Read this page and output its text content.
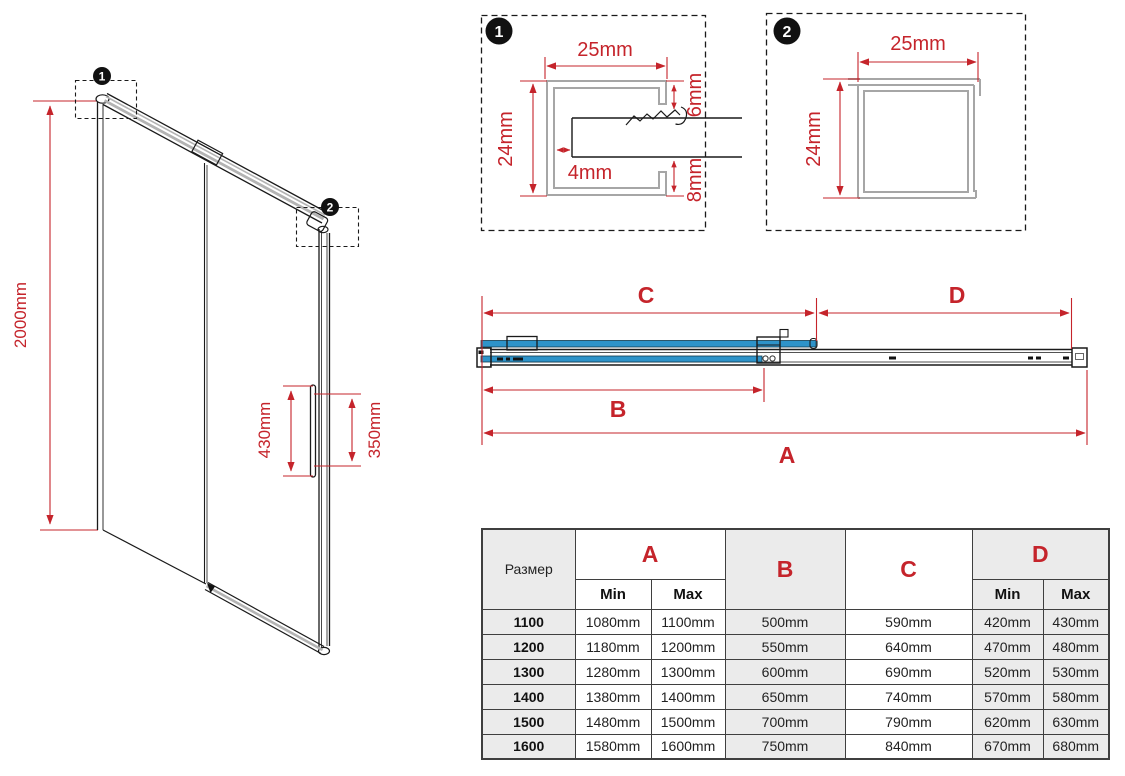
2000mm
430mm	350mm
1
2
1
25mm
24mm
6mm
8mm
4mm
2
25mm
24mm
C	D
B
A
Размер	A		B	C	D	
	Min	Max			Min	Max
1100	1080mm	1100mm	500mm	590mm	420mm	430mm
1200	1180mm	1200mm	550mm	640mm	470mm	480mm
1300	1280mm	1300mm	600mm	690mm	520mm	530mm
1400	1380mm	1400mm	650mm	740mm	570mm	580mm
1500	1480mm	1500mm	700mm	790mm	620mm	630mm
1600	1580mm	1600mm	750mm	840mm	670mm	680mm
